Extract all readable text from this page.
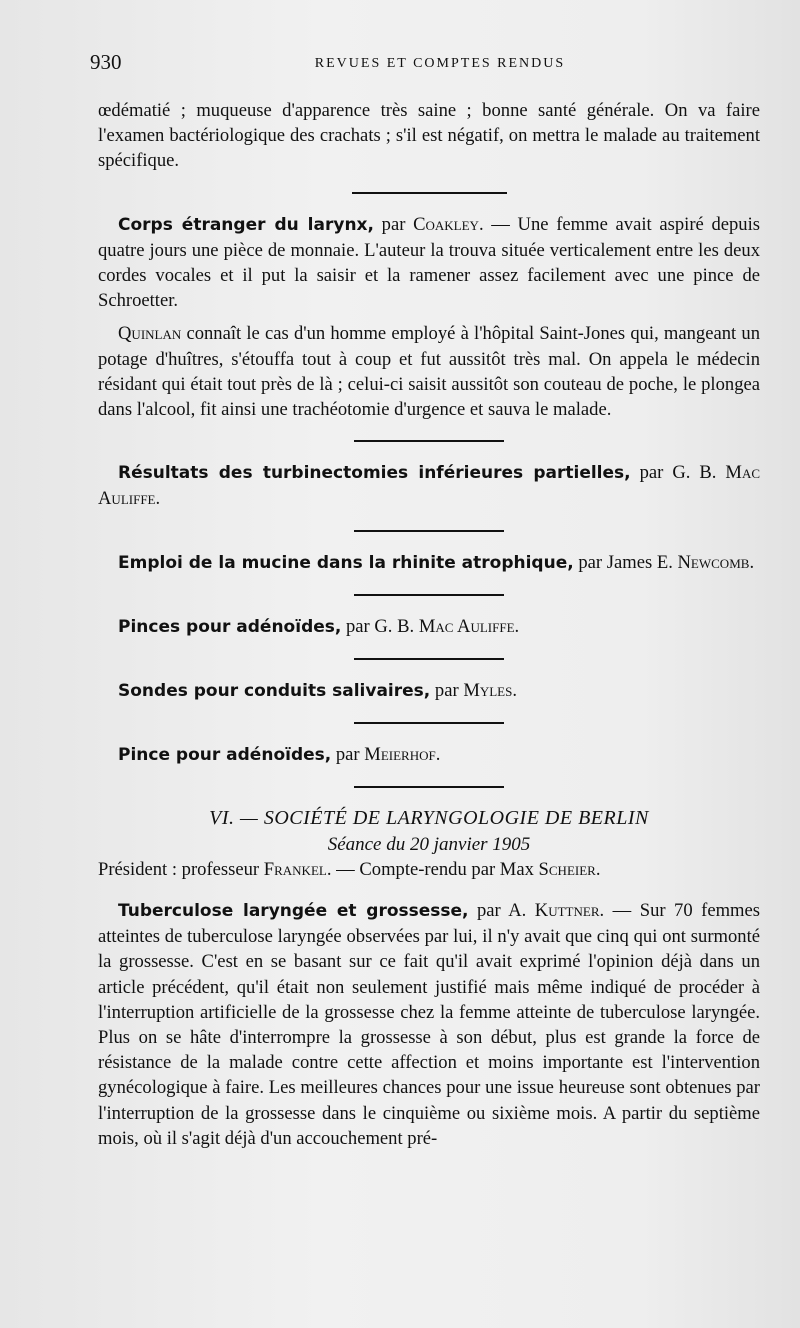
930	REVUES ET COMPTES RENDUS

œdématié ; muqueuse d'apparence très saine ; bonne santé générale. On va faire l'examen bactériologique des crachats ; s'il est négatif, on mettra le malade au traitement spécifique.

Corps étranger du larynx, par Coakley. — Une femme avait aspiré depuis quatre jours une pièce de monnaie. L'auteur la trouva située verticalement entre les deux cordes vocales et il put la saisir et la ramener assez facilement avec une pince de Schroetter.

Quinlan connaît le cas d'un homme employé à l'hôpital Saint-Jones qui, mangeant un potage d'huîtres, s'étouffa tout à coup et fut aussitôt très mal. On appela le médecin résidant qui était tout près de là ; celui-ci saisit aussitôt son couteau de poche, le plongea dans l'alcool, fit ainsi une trachéotomie d'urgence et sauva le malade.

Résultats des turbinectomies inférieures partielles, par G. B. Mac Auliffe.

Emploi de la mucine dans la rhinite atrophique, par James E. Newcomb.

Pinces pour adénoïdes, par G. B. Mac Auliffe.

Sondes pour conduits salivaires, par Myles.

Pince pour adénoïdes, par Meierhof.

VI. — SOCIÉTÉ DE LARYNGOLOGIE DE BERLIN
Séance du 20 janvier 1905

Président : professeur Frankel. — Compte-rendu par Max Scheier.

Tuberculose laryngée et grossesse, par A. Kuttner. — Sur 70 femmes atteintes de tuberculose laryngée observées par lui, il n'y avait que cinq qui ont surmonté la grossesse. C'est en se basant sur ce fait qu'il avait exprimé l'opinion déjà dans un article précédent, qu'il était non seulement justifié mais même indiqué de procéder à l'interruption artificielle de la grossesse chez la femme atteinte de tuberculose laryngée. Plus on se hâte d'interrompre la grossesse à son début, plus est grande la force de résistance de la malade contre cette affection et moins importante est l'intervention gynécologique à faire. Les meilleures chances pour une issue heureuse sont obtenues par l'interruption de la grossesse dans le cinquième ou sixième mois. A partir du septième mois, où il s'agit déjà d'un accouchement pré-
